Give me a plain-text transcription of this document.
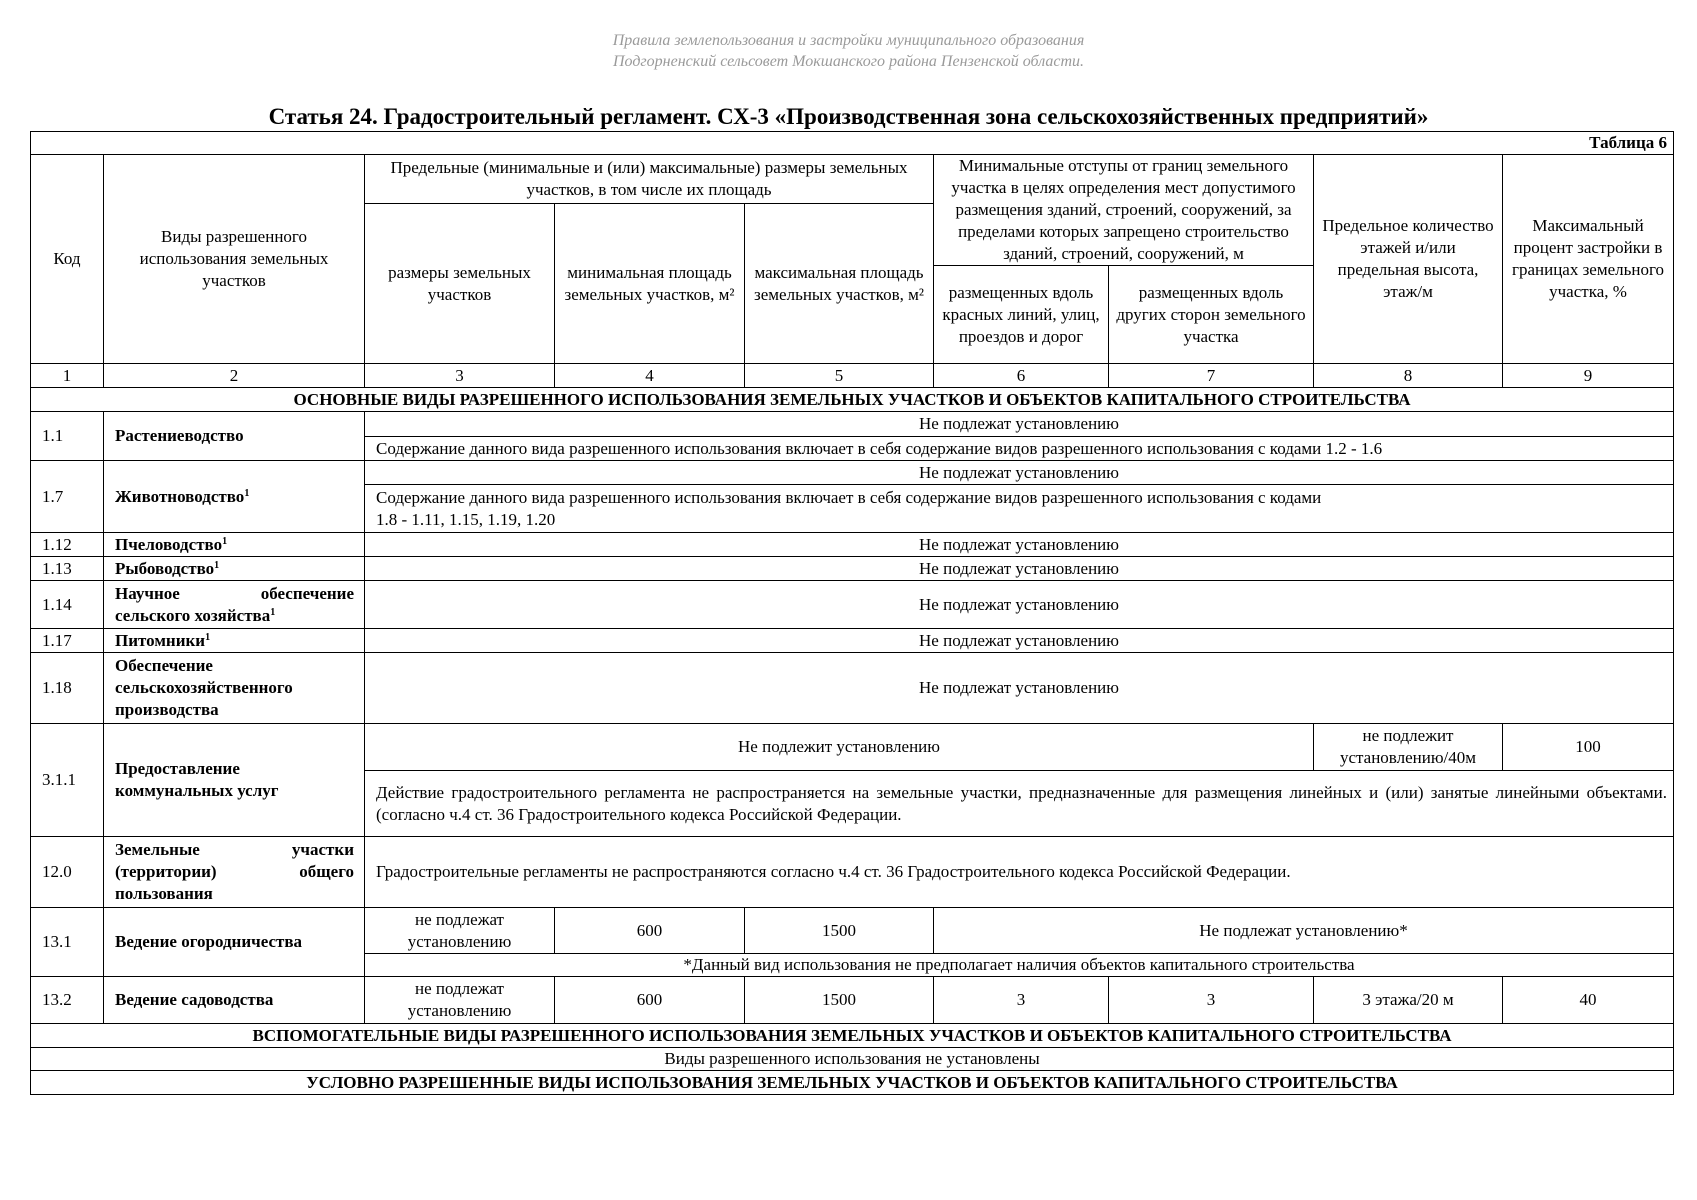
Правила землепользования и застройки муниципального образования
Подгорненский сельсовет Мокшанского района Пензенской области.
Статья 24. Градостроительный регламент. СХ-3 «Производственная зона сельскохозяйственных предприятий»
Таблица 6								
Код	Виды разрешенного использования земельных участков	Предельные (минимальные и (или) максимальные) размеры земельных участков, в том числе их площадь			Минимальные отступы от границ земельного участка в целях определения мест допустимого размещения зданий, строений, сооружений, за пределами которых запрещено строительство зданий, строений, сооружений, м		Предельное количество этажей и/или предельная высота, этаж/м	Максимальный процент застройки в границах земельного участка, %
		размеры земельных участков	минимальная площадь земельных участков, м²	максимальная площадь земельных участков, м²				
					размещенных вдоль красных линий, улиц, проездов и дорог	размещенных вдоль других сторон земельного участка		
1	2	3	4	5	6	7	8	9
ОСНОВНЫЕ ВИДЫ РАЗРЕШЕННОГО ИСПОЛЬЗОВАНИЯ ЗЕМЕЛЬНЫХ УЧАСТКОВ И ОБЪЕКТОВ КАПИТАЛЬНОГО СТРОИТЕЛЬСТВА								
1.1	Растениеводство	Не подлежат установлению						
		Содержание данного вида разрешенного использования включает в себя содержание видов разрешенного использования с кодами 1.2 - 1.6						
1.7	Животноводство$^1$	Не подлежат установлению						

		Содержание данного вида разрешенного использования включает в себя содержание видов разрешенного использования с кодами
1.8 - 1.11, 1.15, 1.19, 1.20						

1.12	Пчеловодство$^1$	Не подлежат установлению						
1.13	Рыбоводство$^1$	Не подлежат установлению						
1.14	Научное обеспечение сельского хозяйства$^1$	Не подлежат установлению						
1.17	Питомники$^1$	Не подлежат установлению						
1.18	Обеспечение сельскохозяйственного производства	Не подлежат установлению						
3.1.1	Предоставление коммунальных услуг	Не подлежит установлению					не подлежит установлению/40м	100
		Действие градостроительного регламента не распространяется на земельные участки, предназначенные для размещения линейных и (или) занятые линейными объектами. (согласно ч.4 ст. 36 Градостроительного кодекса Российской Федерации.						
12.0	Земельные участки (территории) общего пользования	Градостроительные регламенты не распространяются согласно ч.4 ст. 36 Градостроительного кодекса Российской Федерации.						
13.1	Ведение огородничества	не подлежат установлению	600	1500	Не подлежат установлению*			
		*Данный вид использования не предполагает наличия объектов капитального строительства						
13.2	Ведение садоводства	не подлежат установлению	600	1500	3	3	3 этажа/20 м	40
ВСПОМОГАТЕЛЬНЫЕ ВИДЫ РАЗРЕШЕННОГО ИСПОЛЬЗОВАНИЯ ЗЕМЕЛЬНЫХ УЧАСТКОВ И ОБЪЕКТОВ КАПИТАЛЬНОГО СТРОИТЕЛЬСТВА								
Виды разрешенного использования не установлены								
УСЛОВНО РАЗРЕШЕННЫЕ ВИДЫ ИСПОЛЬЗОВАНИЯ ЗЕМЕЛЬНЫХ УЧАСТКОВ И ОБЪЕКТОВ КАПИТАЛЬНОГО СТРОИТЕЛЬСТВА								
